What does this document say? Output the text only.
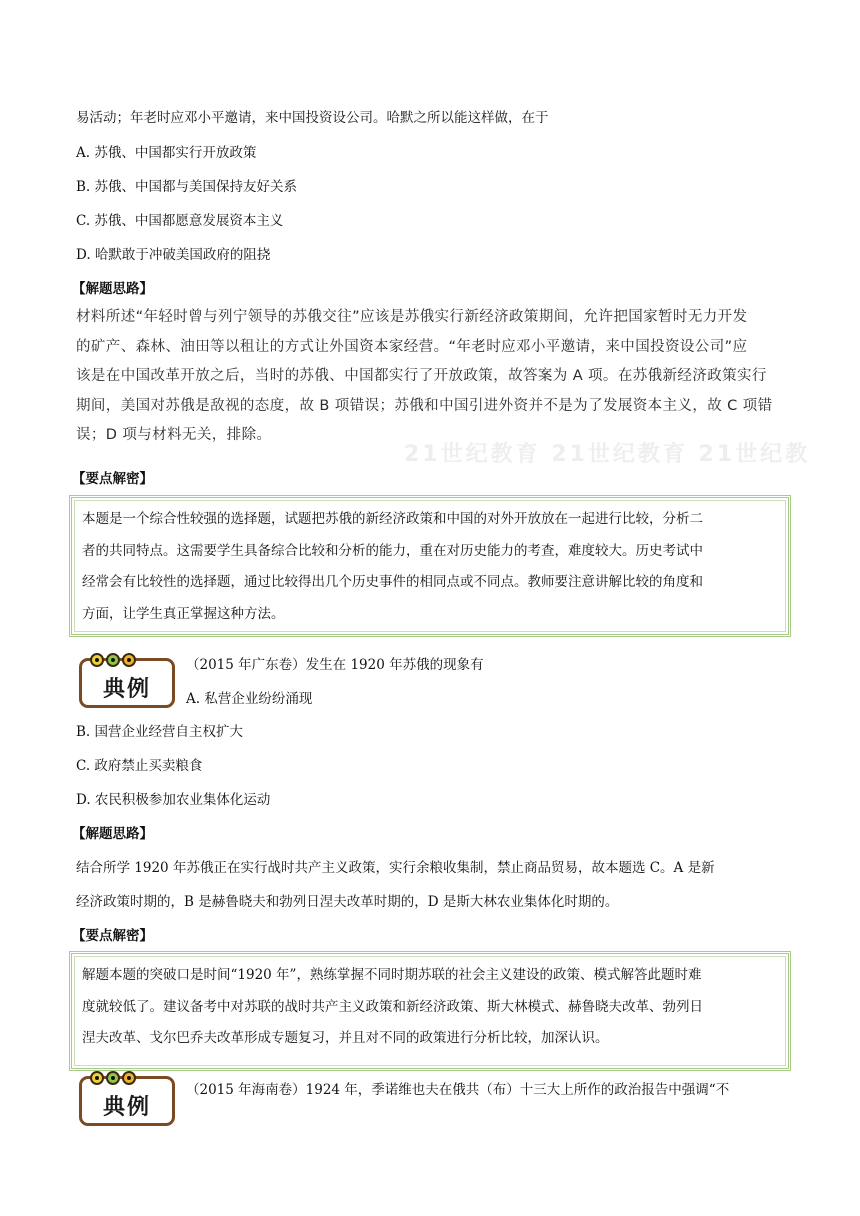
易活动；年老时应邓小平邀请，来中国投资设公司。哈默之所以能这样做，在于
A. 苏俄、中国都实行开放政策
B. 苏俄、中国都与美国保持友好关系
C. 苏俄、中国都愿意发展资本主义
D. 哈默敢于冲破美国政府的阻挠
【解题思路】
21世纪教育 21世纪教育 21世纪教
材料所述“年轻时曾与列宁领导的苏俄交往”应该是苏俄实行新经济政策期间，允许把国家暂时无力开发
的矿产、森林、油田等以租让的方式让外国资本家经营。“年老时应邓小平邀请，来中国投资设公司”应
该是在中国改革开放之后，当时的苏俄、中国都实行了开放政策，故答案为 A 项。在苏俄新经济政策实行
期间，美国对苏俄是敌视的态度，故 B 项错误；苏俄和中国引进外资并不是为了发展资本主义，故 C 项错
误；D 项与材料无关，排除。
【要点解密】
本题是一个综合性较强的选择题，试题把苏俄的新经济政策和中国的对外开放放在一起进行比较，分析二
者的共同特点。这需要学生具备综合比较和分析的能力，重在对历史能力的考查，难度较大。历史考试中
经常会有比较性的选择题，通过比较得出几个历史事件的相同点或不同点。教师要注意讲解比较的角度和
方面，让学生真正掌握这种方法。
典例
（2015 年广东卷）发生在 1920 年苏俄的现象有
A. 私营企业纷纷涌现
B. 国营企业经营自主权扩大
C. 政府禁止买卖粮食
D. 农民积极参加农业集体化运动
【解题思路】
结合所学 1920 年苏俄正在实行战时共产主义政策，实行余粮收集制，禁止商品贸易，故本题选 C。A 是新
经济政策时期的，B 是赫鲁晓夫和勃列日涅夫改革时期的，D 是斯大林农业集体化时期的。
【要点解密】
解题本题的突破口是时间“1920 年”，熟练掌握不同时期苏联的社会主义建设的政策、模式解答此题时难
度就较低了。建议备考中对苏联的战时共产主义政策和新经济政策、斯大林模式、赫鲁晓夫改革、勃列日
涅夫改革、戈尔巴乔夫改革形成专题复习，并且对不同的政策进行分析比较，加深认识。
典例
（2015 年海南卷）1924 年，季诺维也夫在俄共（布）十三大上所作的政治报告中强调“不
